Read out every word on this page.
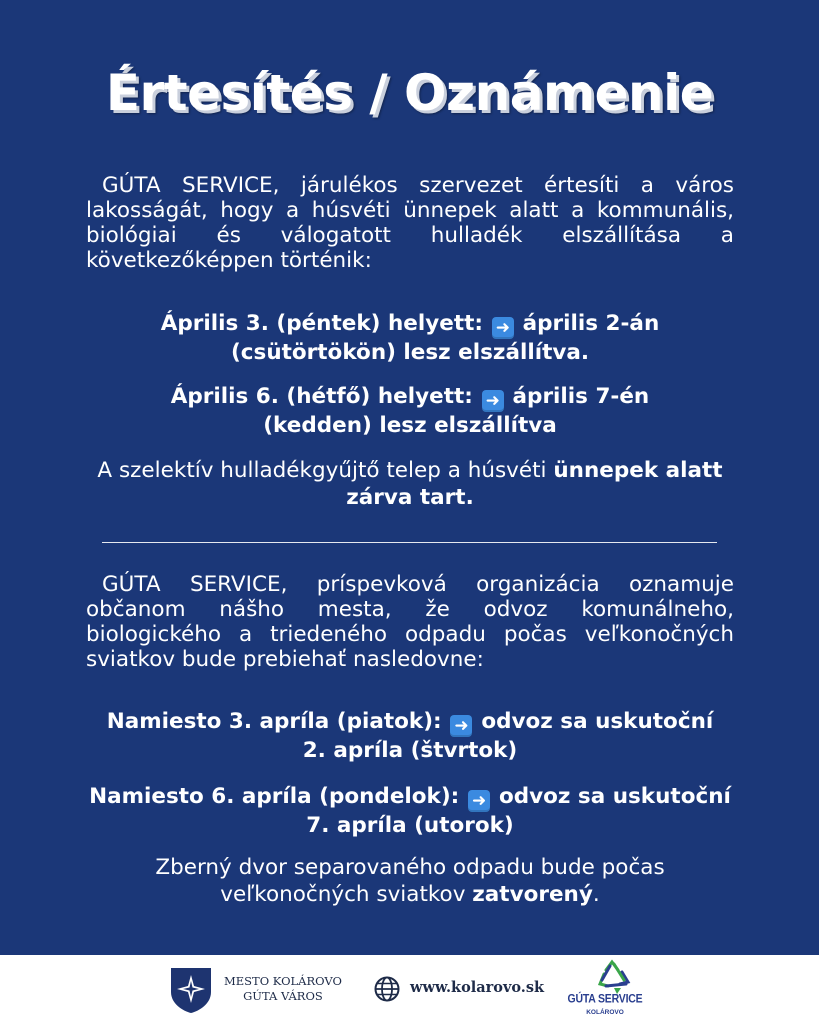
Értesítés / Oznámenie
GÚTA SERVICE, járulékos szervezet értesíti a város
lakosságát, hogy a húsvéti ünnepek alatt a kommunális,
biológiai és válogatott hulladék elszállítása a
következőképpen történik:
Április 3. (péntek) helyett: ➜ április 2-án
(csütörtökön) lesz elszállítva.
Április 6. (hétfő) helyett: ➜ április 7-én
(kedden) lesz elszállítva
A szelektív hulladékgyűjtő telep a húsvéti ünnepek alatt
zárva tart.
GÚTA SERVICE, príspevková organizácia oznamuje
občanom nášho mesta, že odvoz komunálneho,
biologického a triedeného odpadu počas veľkonočných
sviatkov bude prebiehať nasledovne:
Namiesto 3. apríla (piatok): ➜ odvoz sa uskutoční
2. apríla (štvrtok)
Namiesto 6. apríla (pondelok): ➜ odvoz sa uskutoční
7. apríla (utorok)
Zberný dvor separovaného odpadu bude počas
veľkonočných sviatkov zatvorený.
MESTO KOLÁROVO
GÚTA VÁROS	www.kolarovo.sk
GÚTA SERVICE
KOLÁROVO
